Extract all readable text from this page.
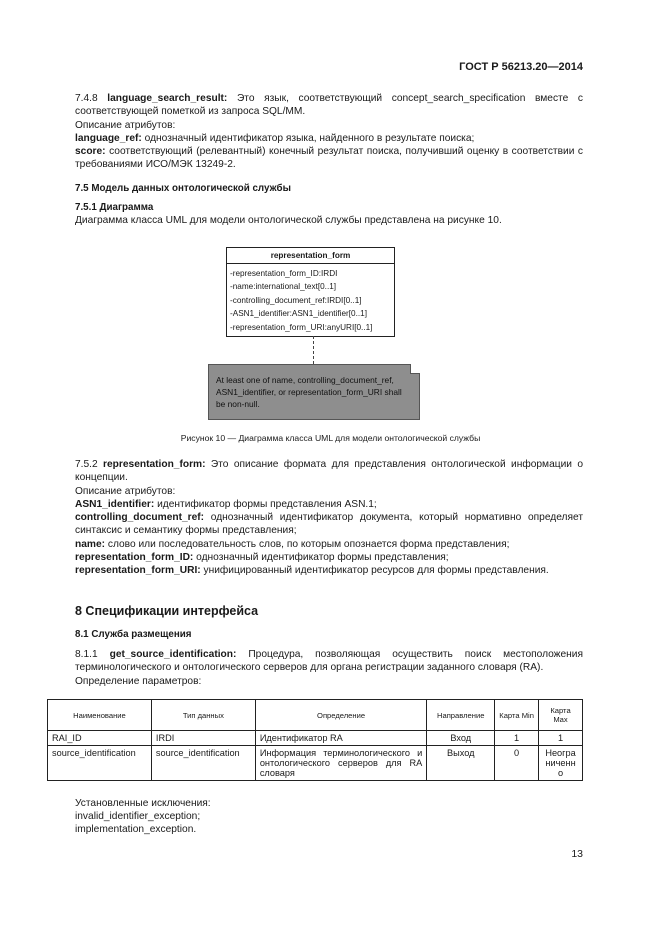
ГОСТ Р 56213.20—2014

7.4.8 language_search_result: Это язык, соответствующий concept_search_specification вместе с соответствующей пометкой из запроса SQL/MM.

Описание атрибутов:

language_ref: однозначный идентификатор языка, найденного в результате поиска;

score: соответствующий (релевантный) конечный результат поиска, получивший оценку в соответствии с требованиями ИСО/МЭК 13249-2.

7.5 Модель данных онтологической службы
7.5.1 Диаграмма

Диаграмма класса UML для модели онтологической службы представлена на рисунке 10.

representation_form
-representation_form_ID:IRDI
-name:international_text[0..1]
-controlling_document_ref:IRDI[0..1]
-ASN1_identifier:ASN1_identifier[0..1]
-representation_form_URI:anyURI[0..1]
At least one of name, controlling_document_ref, ASN1_identifier, or representation_form_URI shall be non-null.
Рисунок 10 — Диаграмма класса UML для модели онтологической службы

7.5.2 representation_form: Это описание формата для представления онтологической информации о концепции.

Описание атрибутов:

ASN1_identifier: идентификатор формы представления ASN.1;

controlling_document_ref: однозначный идентификатор документа, который нормативно определяет синтаксис и семантику формы представления;

name: слово или последовательность слов, по которым опознается форма представления;

representation_form_ID: однозначный идентификатор формы представления;

representation_form_URI: унифицированный идентификатор ресурсов для формы представления.

8 Спецификации интерфейса
8.1 Служба размещения

8.1.1 get_source_identification: Процедура, позволяющая осуществить поиск местоположения терминологического и онтологического серверов для органа регистрации заданного словаря (RA).

Определение параметров:

Наименование	Тип данных	Определение	Направление	Карта Min	Карта Max
RAI_ID	IRDI	Идентификатор RA	Вход	1	1
source_identification	source_identification	Информация терминологического и онтологического серверов для RA словаря	Выход	0	Неограниченно

Установленные исключения:

invalid_identifier_exception;

implementation_exception.

13
